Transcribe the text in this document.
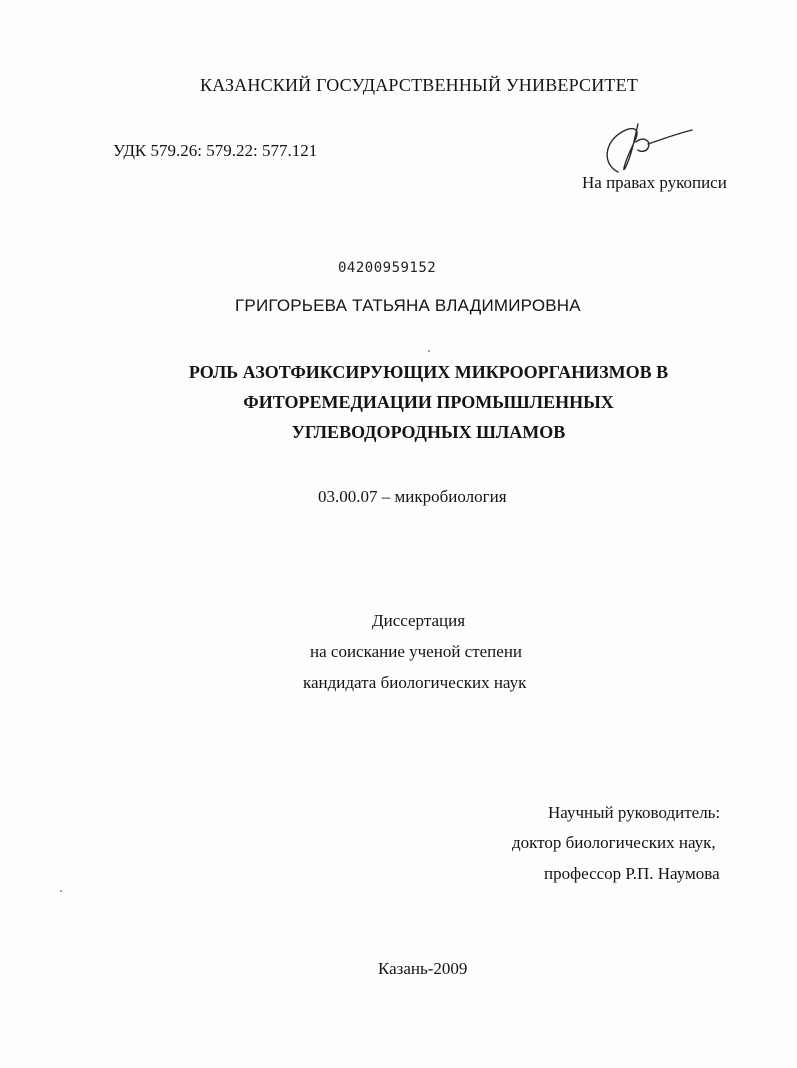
КАЗАНСКИЙ ГОСУДАРСТВЕННЫЙ УНИВЕРСИТЕТ
УДК 579.26: 579.22: 577.121
На правах рукописи
04200959152
ГРИГОРЬЕВА ТАТЬЯНА ВЛАДИМИРОВНА
РОЛЬ АЗОТФИКСИРУЮЩИХ МИКРООРГАНИЗМОВ В
ФИТОРЕМЕДИАЦИИ ПРОМЫШЛЕННЫХ
УГЛЕВОДОРОДНЫХ ШЛАМОВ
03.00.07 – микробиология
Диссертация
на соискание ученой степени
кандидата биологических наук
Научный руководитель:
доктор биологических наук,
профессор Р.П. Наумова
Казань-2009
